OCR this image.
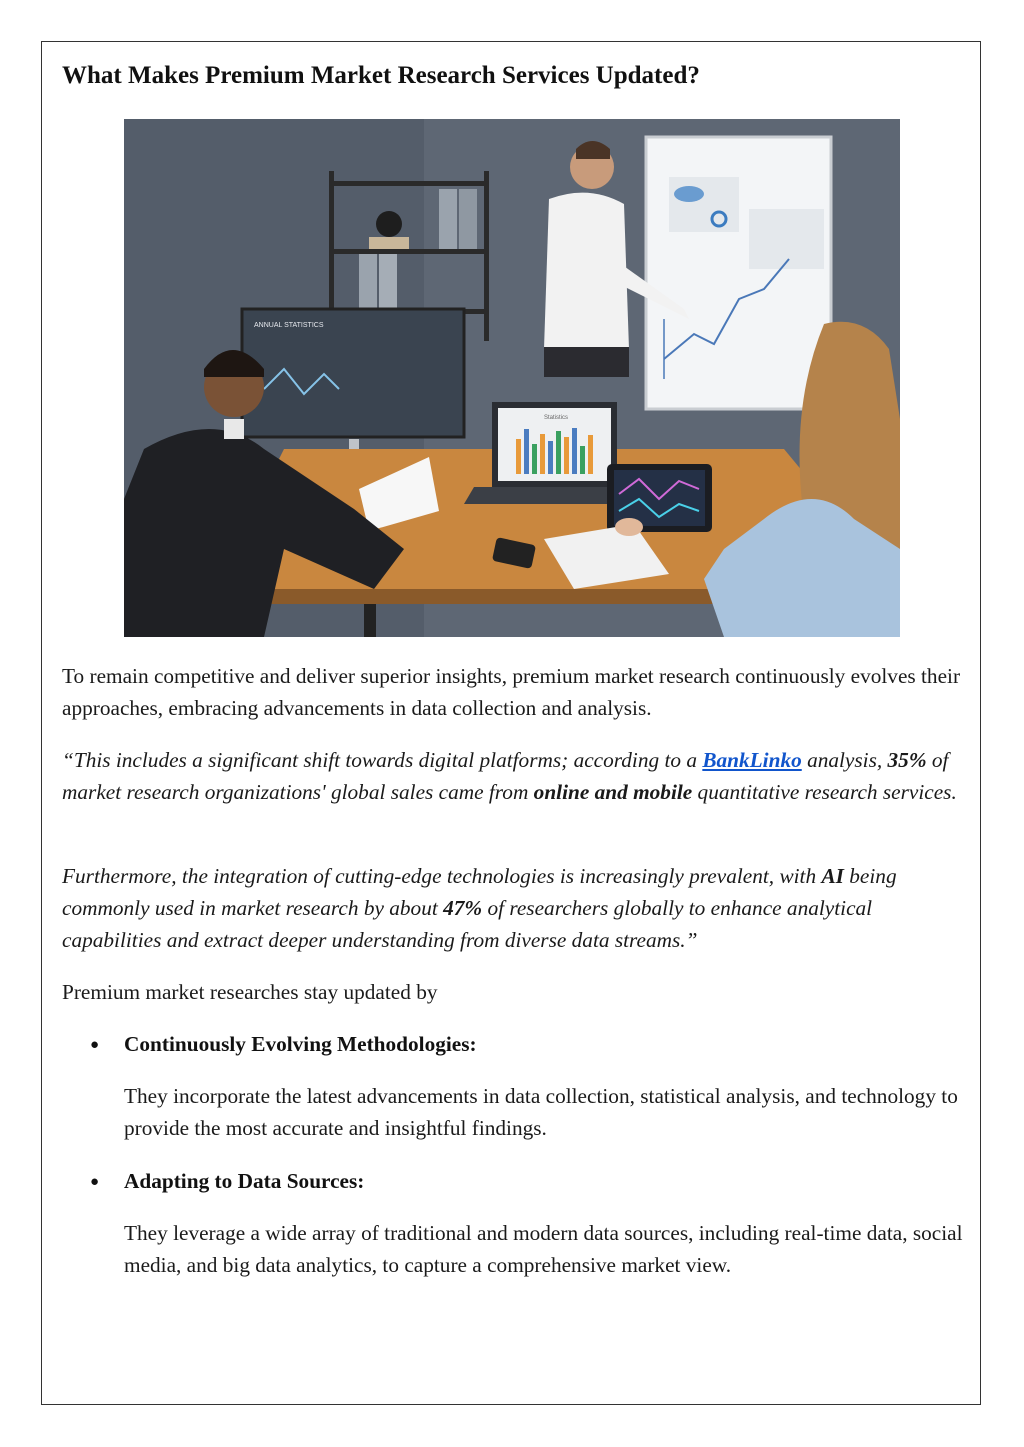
What Makes Premium Market Research Services Updated?
ANNUAL STATISTICS
Statistics

To remain competitive and deliver superior insights, premium market research continuously evolves their approaches, embracing advancements in data collection and analysis.

“This includes a significant shift towards digital platforms; according to a BankLinko analysis, 35% of market research organizations' global sales came from online and mobile quantitative research services.

Furthermore, the integration of cutting-edge technologies is increasingly prevalent, with AI being commonly used in market research by about 47% of researchers globally to enhance analytical capabilities and extract deeper understanding from diverse data streams.”

Premium market researches stay updated by

● Continuously Evolving Methodologies:

They incorporate the latest advancements in data collection, statistical analysis, and technology to provide the most accurate and insightful findings.

● Adapting to Data Sources:

They leverage a wide array of traditional and modern data sources, including real-time data, social media, and big data analytics, to capture a comprehensive market view.
